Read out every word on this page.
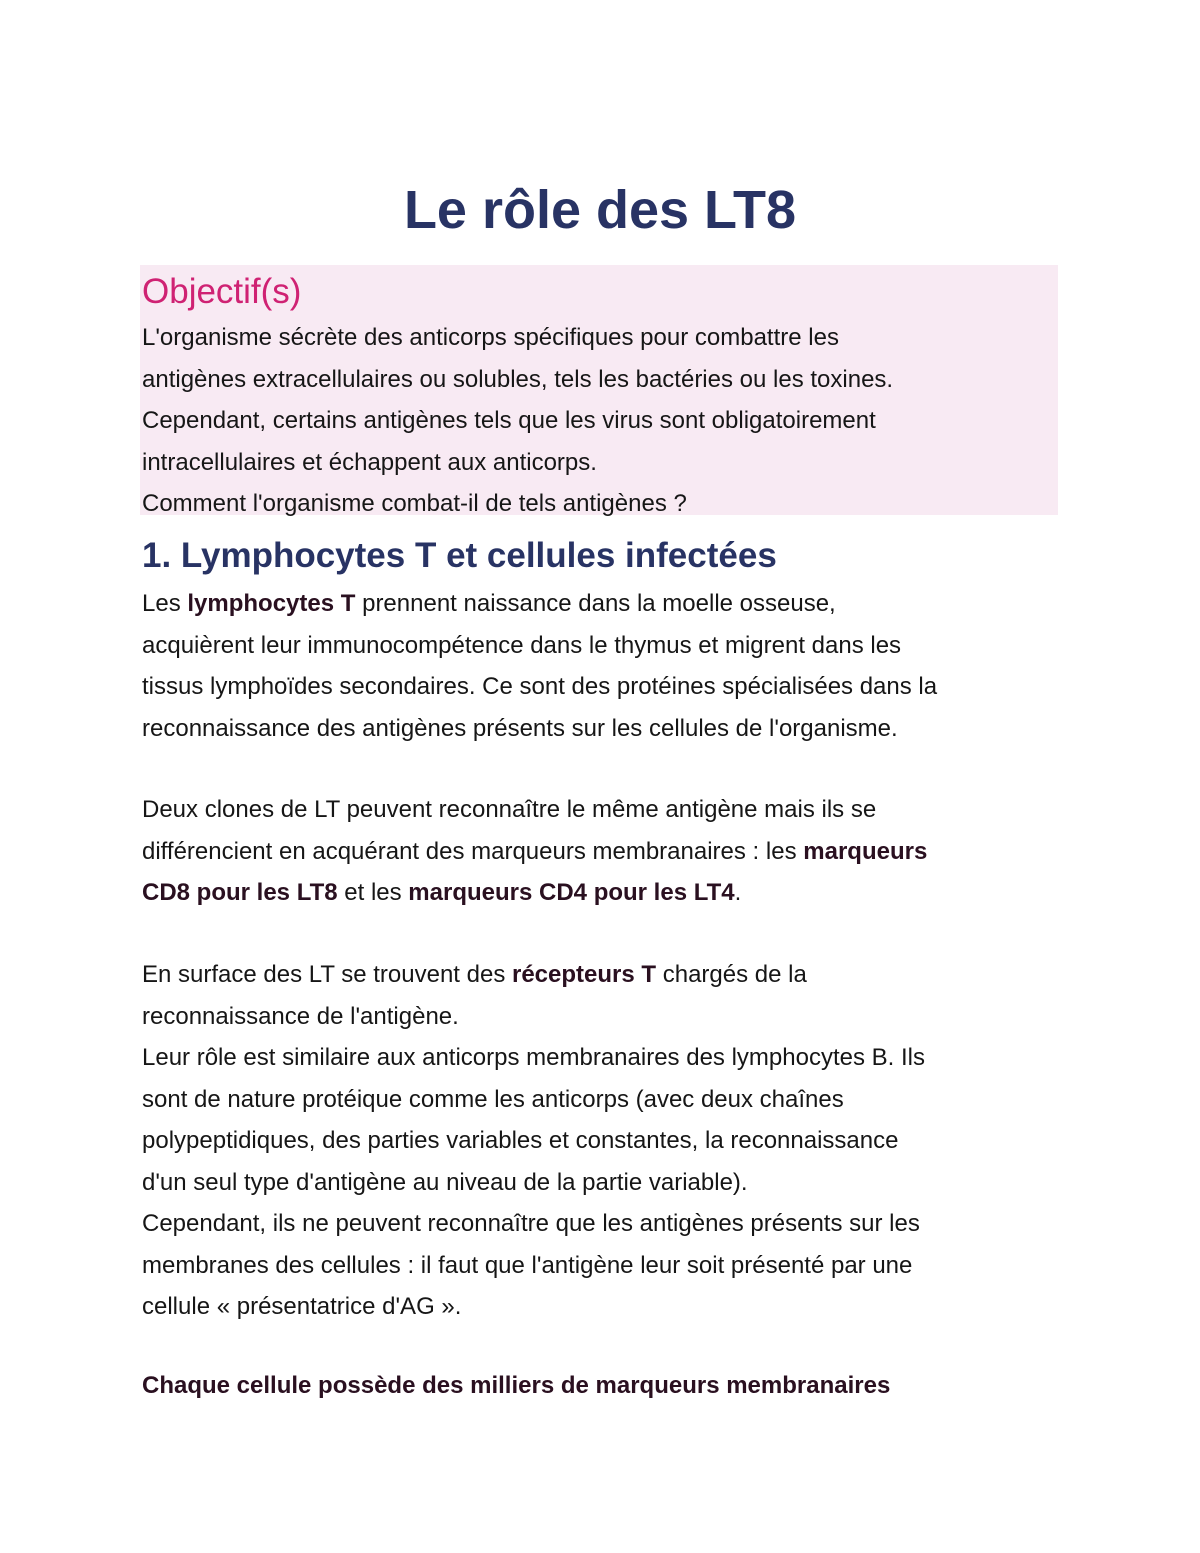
Le rôle des LT8
Objectif(s)
L'organisme sécrète des anticorps spécifiques pour combattre les
antigènes extracellulaires ou solubles, tels les bactéries ou les toxines.
Cependant, certains antigènes tels que les virus sont obligatoirement
intracellulaires et échappent aux anticorps.
Comment l'organisme combat-il de tels antigènes ?
1. Lymphocytes T et cellules infectées
Les lymphocytes T prennent naissance dans la moelle osseuse,
acquièrent leur immunocompétence dans le thymus et migrent dans les
tissus lymphoïdes secondaires. Ce sont des protéines spécialisées dans la
reconnaissance des antigènes présents sur les cellules de l'organisme.
Deux clones de LT peuvent reconnaître le même antigène mais ils se
différencient en acquérant des marqueurs membranaires : les marqueurs
CD8 pour les LT8 et les marqueurs CD4 pour les LT4.
En surface des LT se trouvent des récepteurs T chargés de la
reconnaissance de l'antigène.
Leur rôle est similaire aux anticorps membranaires des lymphocytes B. Ils
sont de nature protéique comme les anticorps (avec deux chaînes
polypeptidiques, des parties variables et constantes, la reconnaissance
d'un seul type d'antigène au niveau de la partie variable).
Cependant, ils ne peuvent reconnaître que les antigènes présents sur les
membranes des cellules : il faut que l'antigène leur soit présenté par une
cellule « présentatrice d'AG ».
Chaque cellule possède des milliers de marqueurs membranaires
